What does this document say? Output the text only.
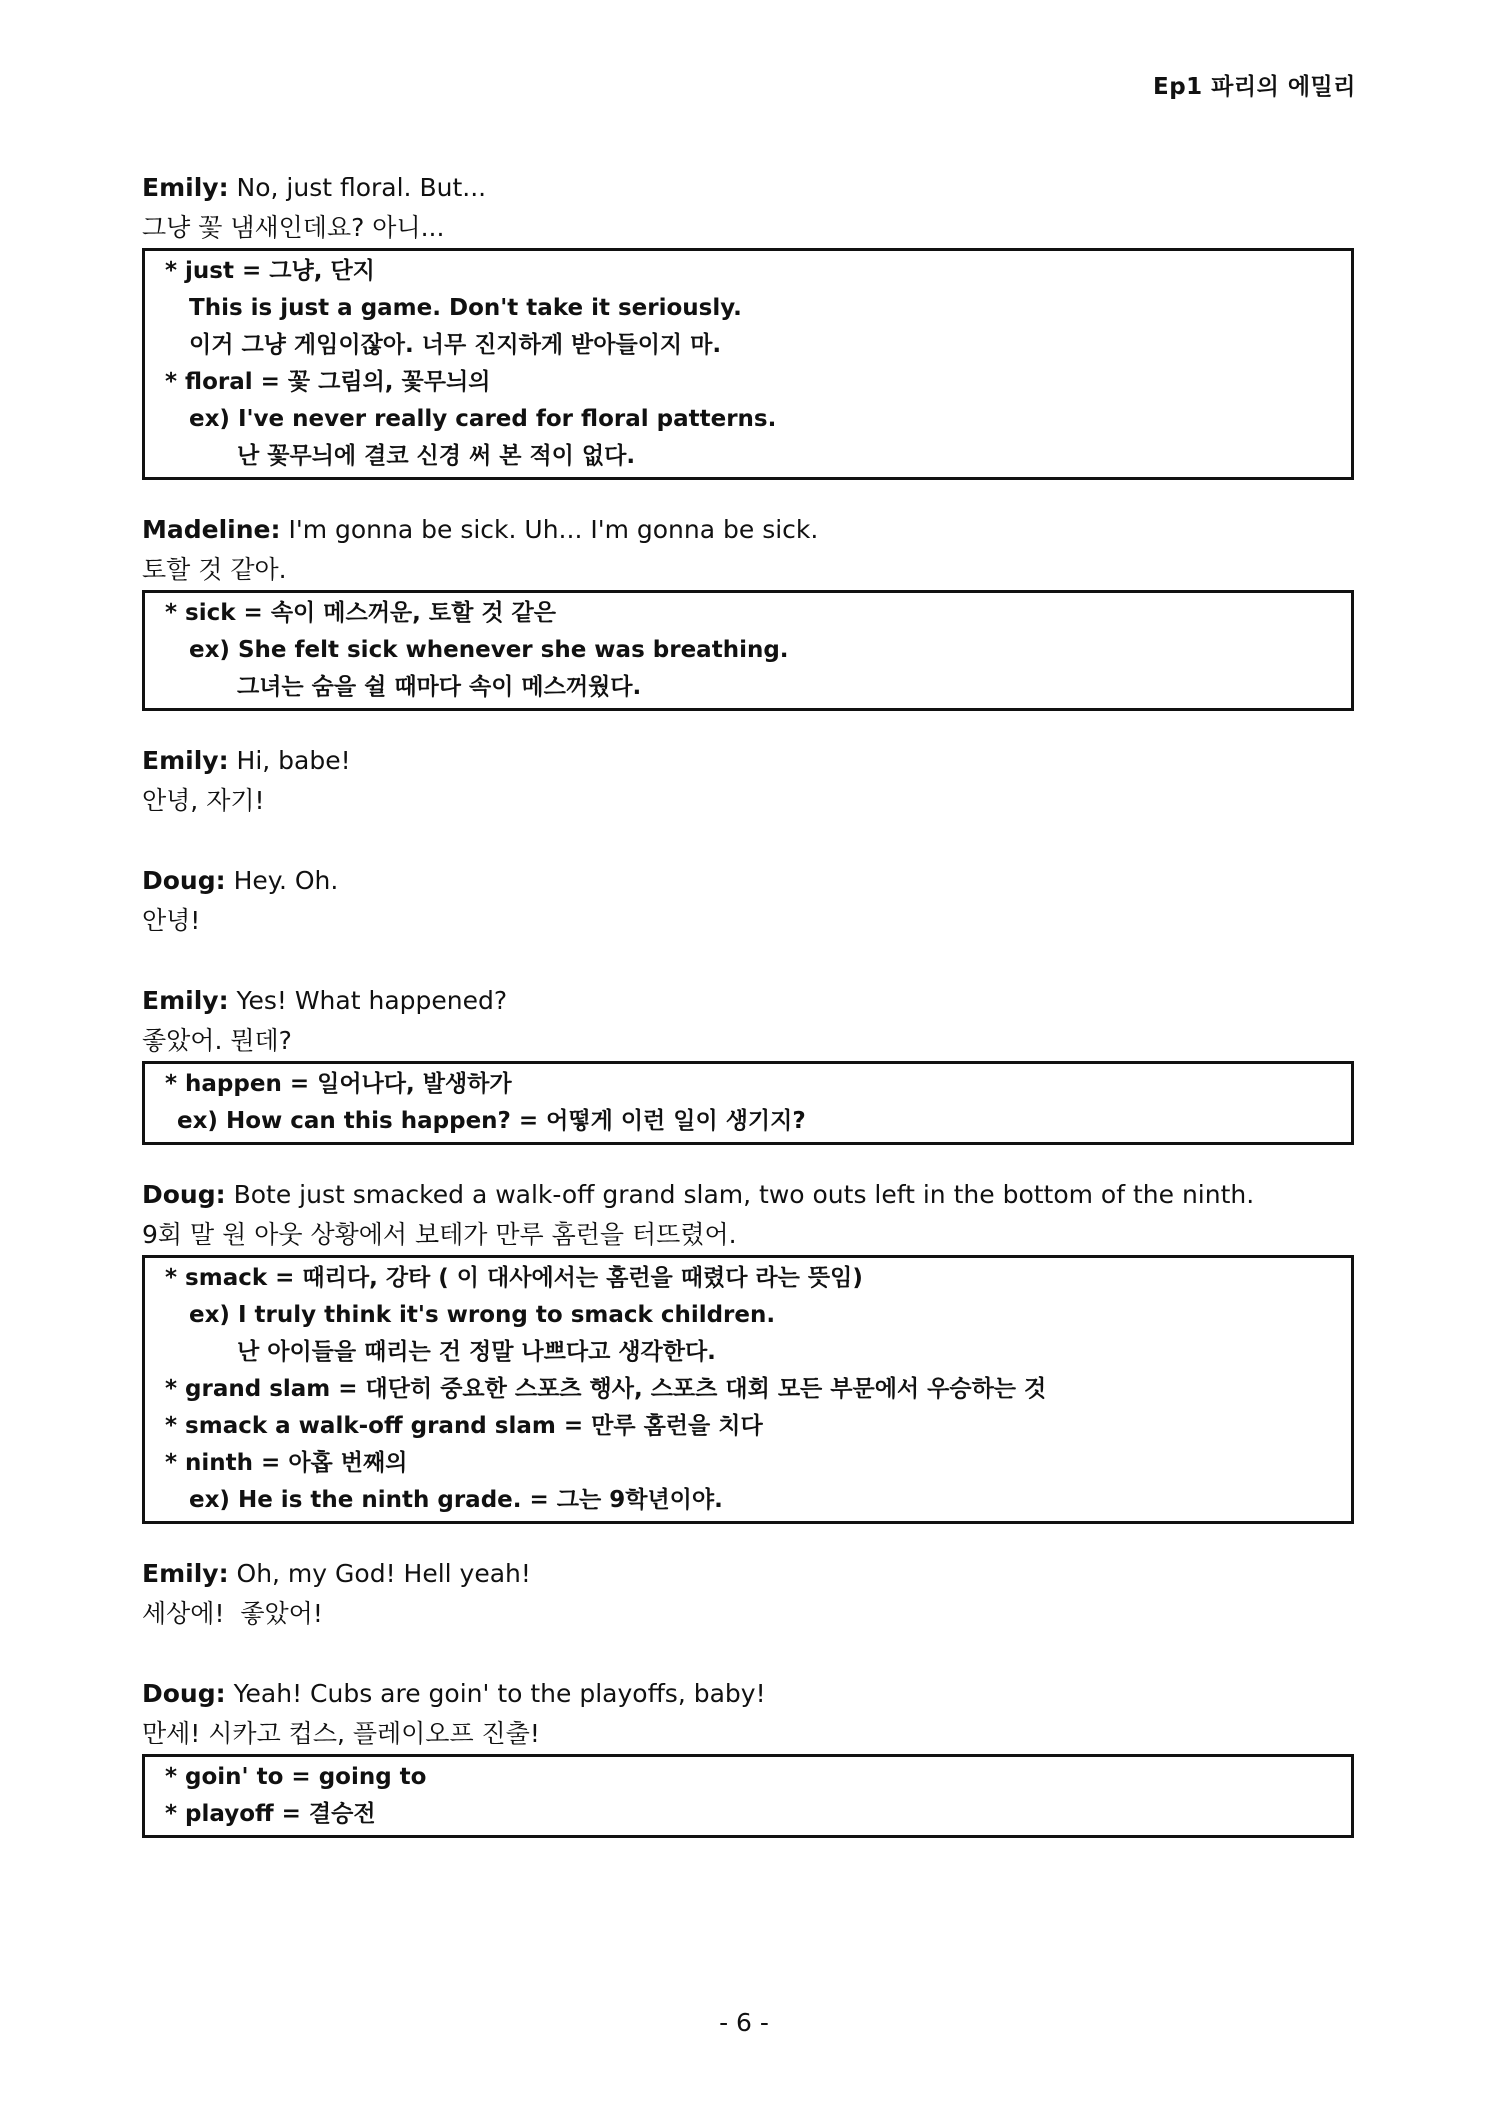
Ep1 파리의 에밀리
Emily: No, just floral. But...
그냥 꽃 냄새인데요? 아니...
* just = 그냥, 단지
This is just a game. Don't take it seriously.
이거 그냥 게임이잖아. 너무 진지하게 받아들이지 마.
* floral = 꽃 그림의, 꽃무늬의
ex) I've never really cared for floral patterns.
난 꽃무늬에 결코 신경 써 본 적이 없다.
Madeline: I'm gonna be sick. Uh... I'm gonna be sick.
토할 것 같아.
* sick = 속이 메스꺼운, 토할 것 같은
ex) She felt sick whenever she was breathing.
그녀는 숨을 쉴 때마다 속이 메스꺼웠다.
Emily: Hi, babe!
안녕, 자기!
Doug: Hey. Oh.
안녕!
Emily: Yes! What happened?
좋았어. 뭔데?
* happen = 일어나다, 발생하가
ex) How can this happen? = 어떻게 이런 일이 생기지?
Doug: Bote just smacked a walk-off grand slam, two outs left in the bottom of the ninth.
9회 말 원 아웃 상황에서 보테가 만루 홈런을 터뜨렸어.
* smack = 때리다, 강타 ( 이 대사에서는 홈런을 때렸다 라는 뜻임)
ex) I truly think it's wrong to smack children.
난 아이들을 때리는 건 정말 나쁘다고 생각한다.
* grand slam = 대단히 중요한 스포츠 행사, 스포츠 대회 모든 부문에서 우승하는 것
* smack a walk-off grand slam = 만루 홈런을 치다
* ninth = 아홉 번째의
ex) He is the ninth grade. = 그는 9학년이야.
Emily: Oh, my God! Hell yeah!
세상에!  좋았어!
Doug: Yeah! Cubs are goin' to the playoffs, baby!
만세! 시카고 컵스, 플레이오프 진출!
* goin' to = going to
* playoff = 결승전
- 6 -
